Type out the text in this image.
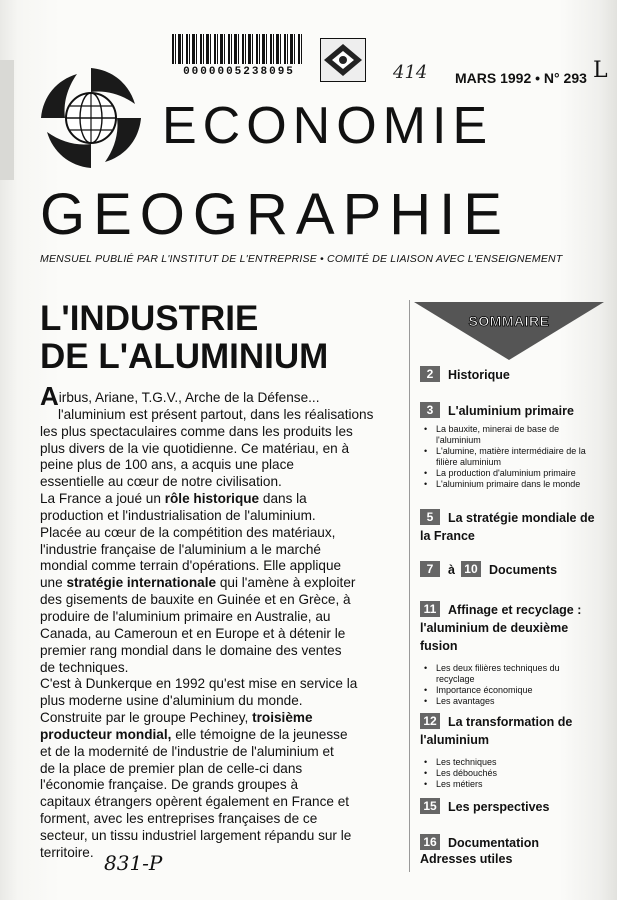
0000005238095	414 MARS 1992 • N° 293 L
ECONOMIE
GEOGRAPHIE
MENSUEL PUBLIÉ PAR L'INSTITUT DE L'ENTREPRISE • COMITÉ DE LIAISON AVEC L'ENSEIGNEMENT
L'INDUSTRIE
DE L'ALUMINIUM
Airbus, Ariane, T.G.V., Arche de la Défense...
l'aluminium est présent partout, dans les réalisations
les plus spectaculaires comme dans les produits les
plus divers de la vie quotidienne. Ce matériau, en à
peine plus de 100 ans, a acquis une place
essentielle au cœur de notre civilisation.
La France a joué un rôle historique dans la
production et l'industrialisation de l'aluminium.
Placée au cœur de la compétition des matériaux,
l'industrie française de l'aluminium a le marché
mondial comme terrain d'opérations. Elle applique
une stratégie internationale qui l'amène à exploiter
des gisements de bauxite en Guinée et en Grèce, à
produire de l'aluminium primaire en Australie, au
Canada, au Cameroun et en Europe et à détenir le
premier rang mondial dans le domaine des ventes
de techniques.
C'est à Dunkerque en 1992 qu'est mise en service la
plus moderne usine d'aluminium du monde.
Construite par le groupe Pechiney, troisième
producteur mondial, elle témoigne de la jeunesse
et de la modernité de l'industrie de l'aluminium et
de la place de premier plan de celle-ci dans
l'économie française. De grands groupes à
capitaux étrangers opèrent également en France et
forment, avec les entreprises françaises de ce
secteur, un tissu industriel largement répandu sur le
territoire. 831-P
SOMMAIRE
2 Historique
3 L'aluminium primaire
• La bauxite, minerai de base de l'aluminium
• L'alumine, matière intermédiaire de la filière aluminium
• La production d'aluminium primaire
• L'aluminium primaire dans le monde
5 La stratégie mondiale de la France
7 à 10 Documents
11 Affinage et recyclage : l'aluminium de deuxième fusion
• Les deux filières techniques du recyclage
• Importance économique
• Les avantages
12 La transformation de l'aluminium
• Les techniques
• Les débouchés
• Les métiers
15 Les perspectives
16 Documentation
Adresses utiles
